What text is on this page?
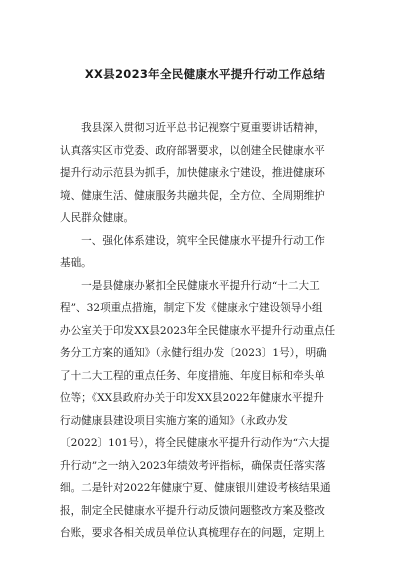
XX县2023年全民健康水平提升行动工作总结
　　我县深入贯彻习近平总书记视察宁夏重要讲话精神，
认真落实区市党委、政府部署要求，以创建全民健康水平
提升行动示范县为抓手，加快健康永宁建设，推进健康环
境、健康生活、健康服务共融共促，全方位、全周期维护
人民群众健康。
　　一、强化体系建设，筑牢全民健康水平提升行动工作
基础。
　　一是县健康办紧扣全民健康水平提升行动“十二大工
程”、32项重点措施，制定下发《健康永宁建设领导小组
办公室关于印发XX县2023年全民健康水平提升行动重点任
务分工方案的通知》（永健行组办发〔2023〕1号），明确
了十二大工程的重点任务、年度措施、年度目标和牵头单
位等；《XX县政府办关于印发XX县2022年健康水平提升
行动健康县建设项目实施方案的通知》（永政办发
〔2022〕101号），将全民健康水平提升行动作为“六大提
升行动”之一纳入2023年绩效考评指标，确保责任落实落
细。二是针对2022年健康宁夏、健康银川建设考核结果通
报，制定全民健康水平提升行动反馈问题整改方案及整改
台账，要求各相关成员单位认真梳理存在的问题，定期上
